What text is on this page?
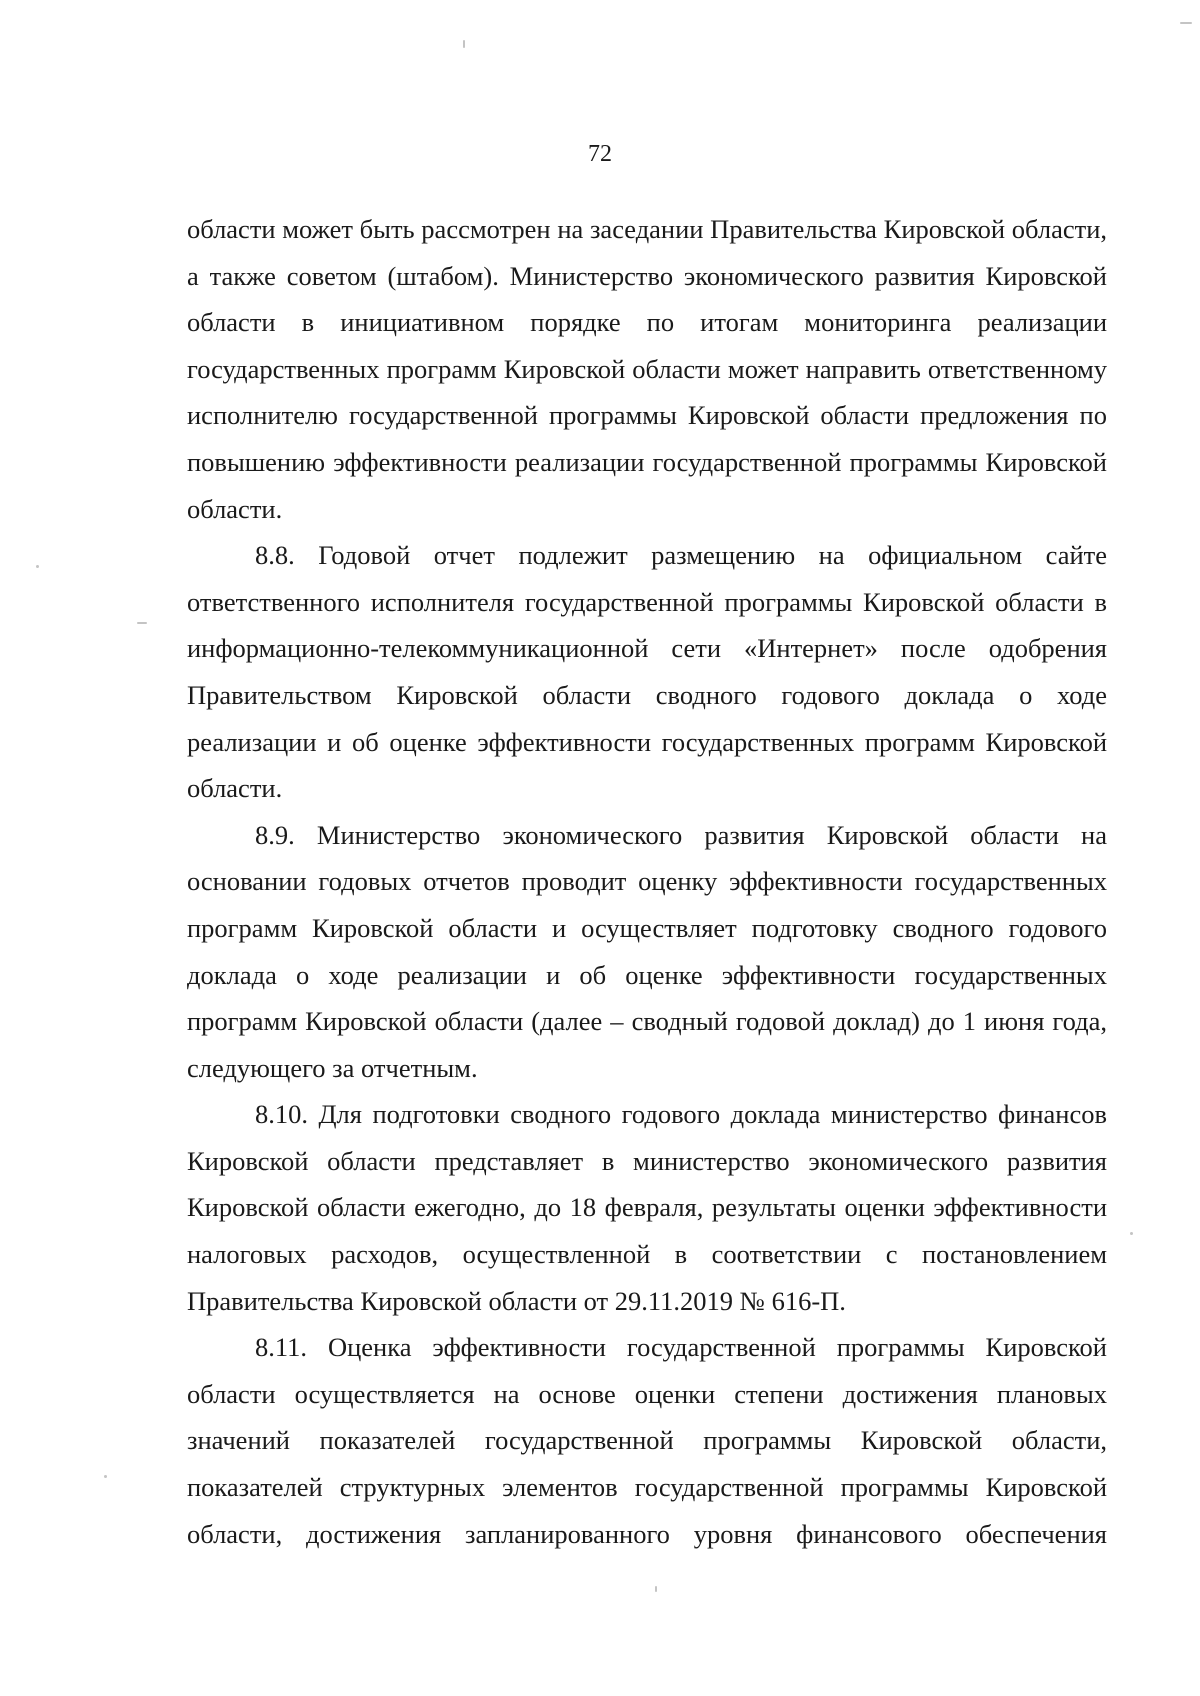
72

области может быть рассмотрен на заседании Правительства Кировской области, а также советом (штабом). Министерство экономического развития Кировской области в инициативном порядке по итогам мониторинга реализации государственных программ Кировской области может направить ответственному исполнителю государственной программы Кировской области предложения по повышению эффективности реализации государственной программы Кировской области.

8.8. Годовой отчет подлежит размещению на официальном сайте ответственного исполнителя государственной программы Кировской области в информационно-телекоммуникационной сети «Интернет» после одобрения Правительством Кировской области сводного годового доклада о ходе реализации и об оценке эффективности государственных программ Кировской области.

8.9. Министерство экономического развития Кировской области на основании годовых отчетов проводит оценку эффективности государственных программ Кировской области и осуществляет подготовку сводного годового доклада о ходе реализации и об оценке эффективности государственных программ Кировской области (далее – сводный годовой доклад) до 1 июня года, следующего за отчетным.

8.10. Для подготовки сводного годового доклада министерство финансов Кировской области представляет в министерство экономического развития Кировской области ежегодно, до 18 февраля, результаты оценки эффективности налоговых расходов, осуществленной в соответствии с постановлением Правительства Кировской области от 29.11.2019 № 616-П.

8.11. Оценка эффективности государственной программы Кировской области осуществляется на основе оценки степени достижения плановых значений показателей государственной программы Кировской области, показателей структурных элементов государственной программы Кировской области, достижения запланированного уровня финансового обеспечения
